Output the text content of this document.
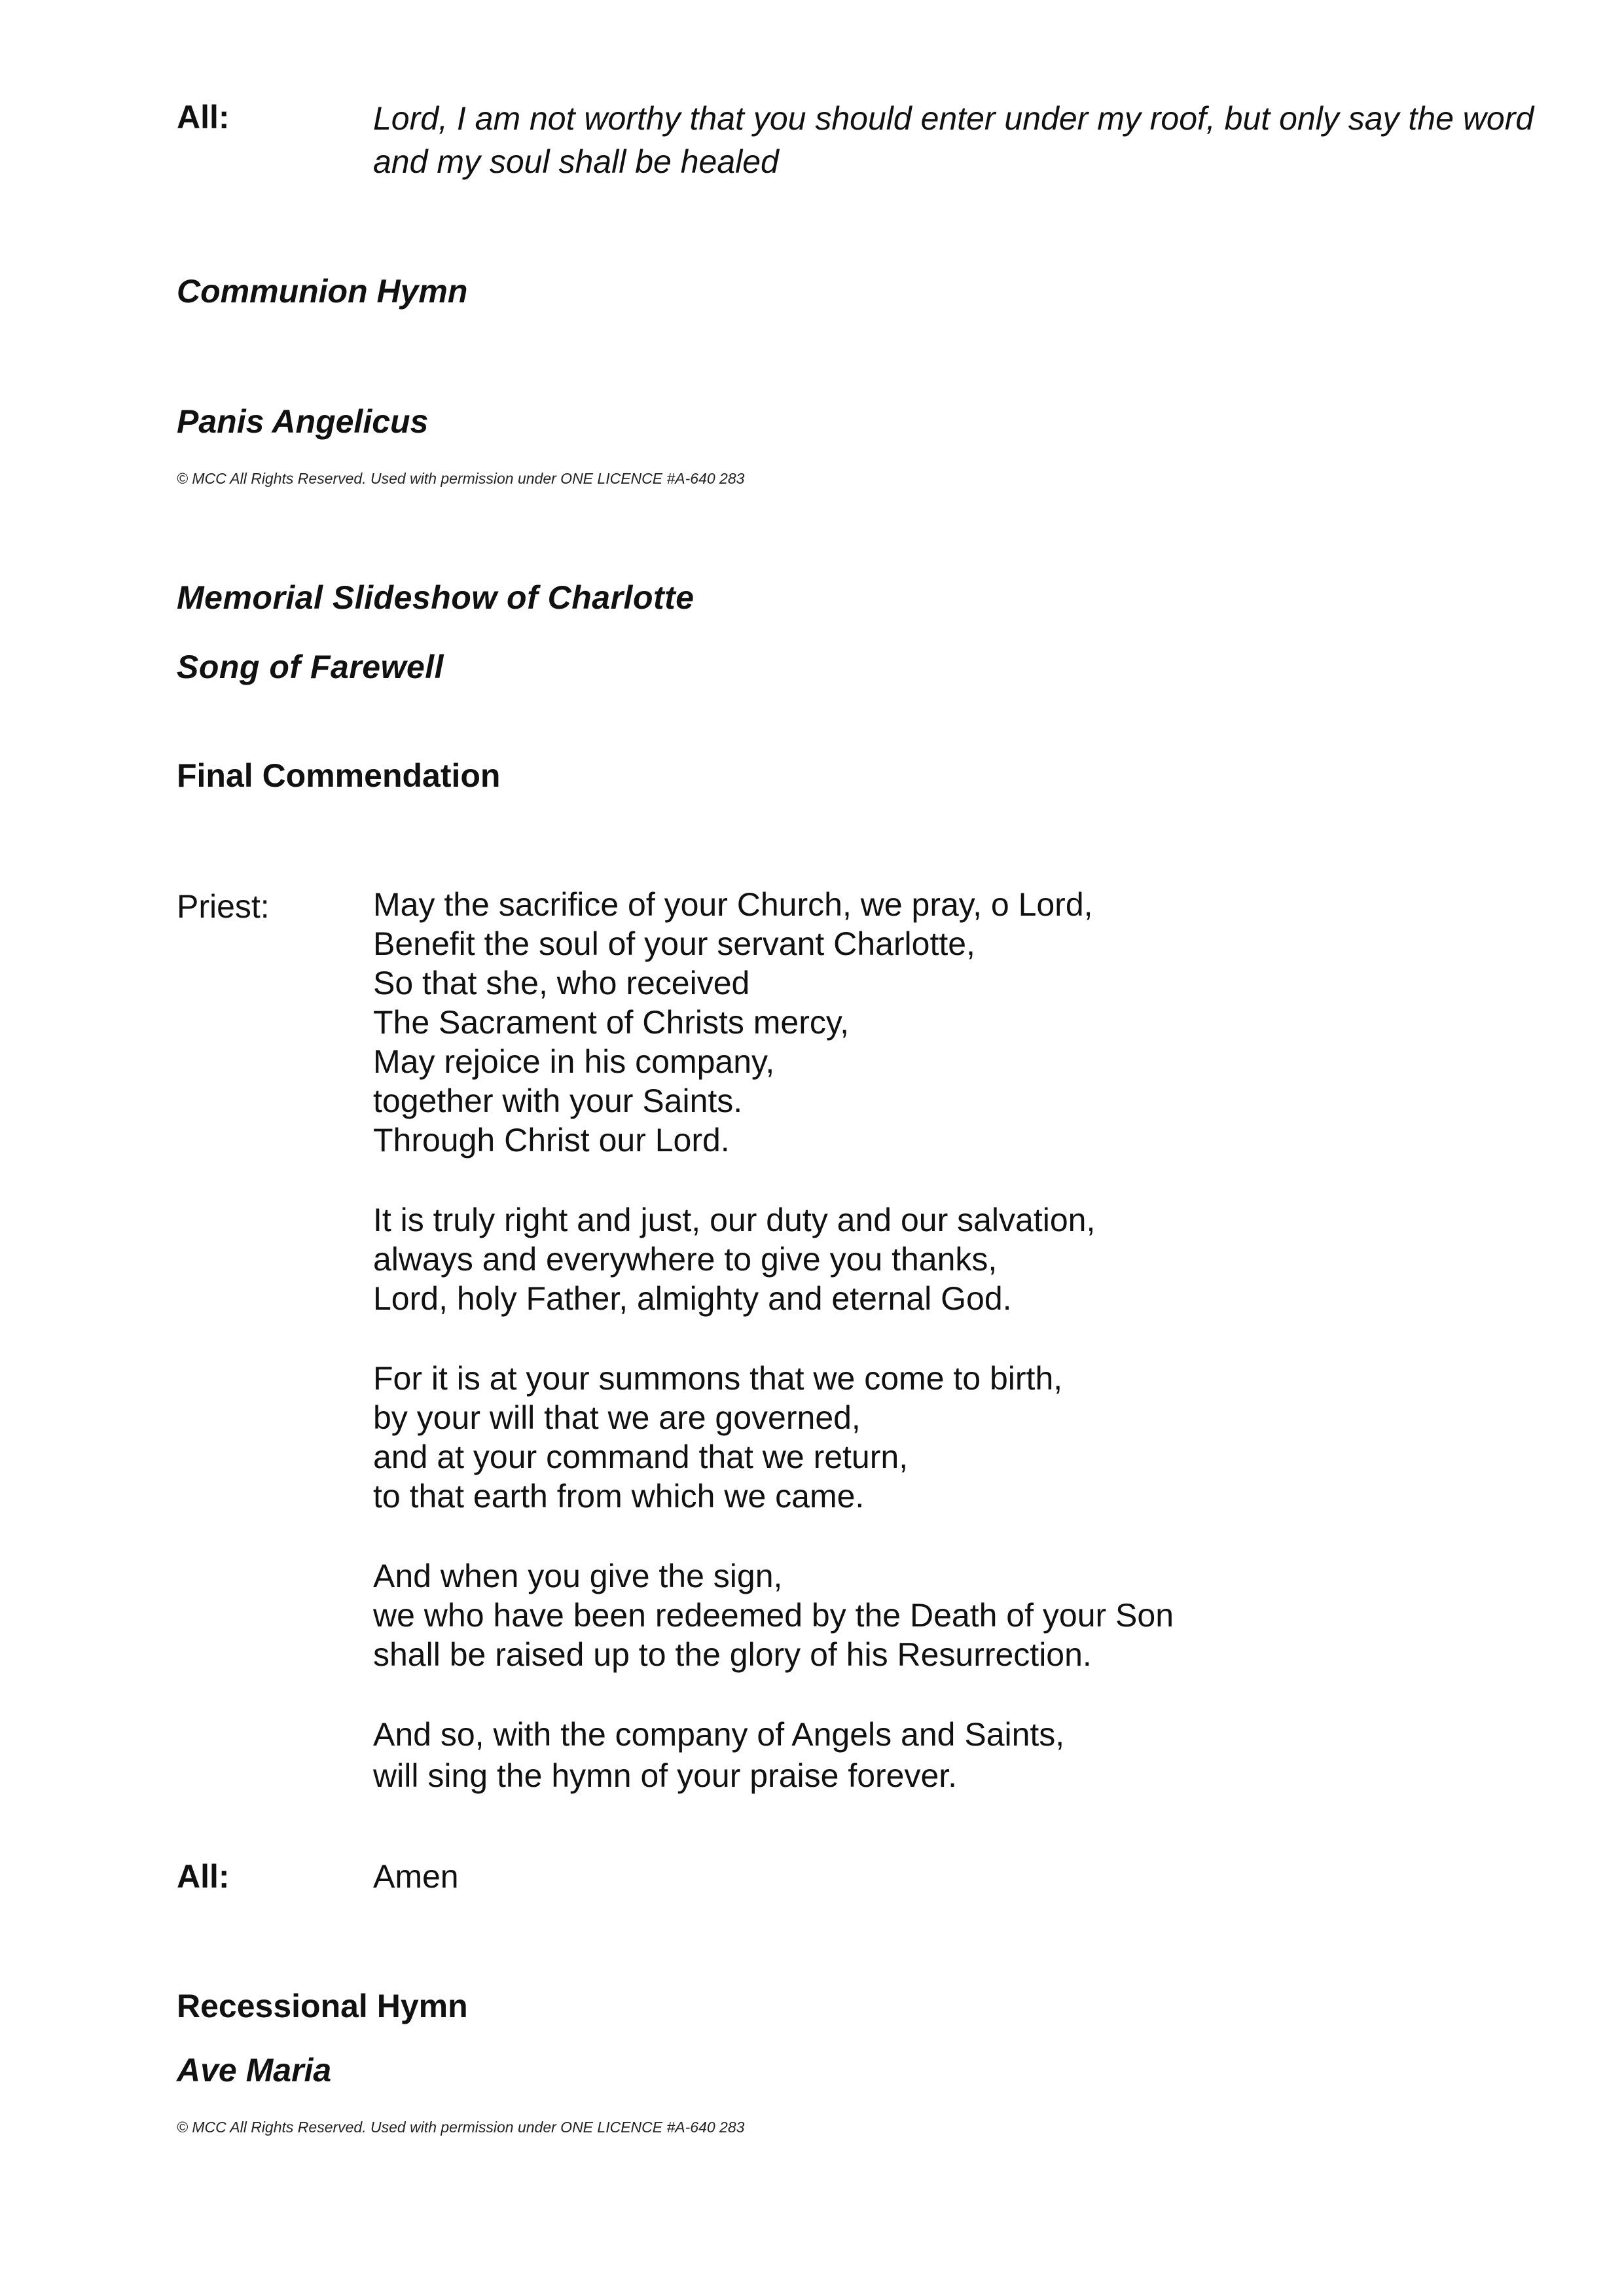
All:	Lord, I am not worthy that you should enter under my roof, but only say the word
and my soul shall be healed
Communion Hymn
Panis Angelicus
© MCC All Rights Reserved. Used with permission under ONE LICENCE #A-640 283
Memorial Slideshow of Charlotte
Song of Farewell
Final Commendation
Priest:	May the sacrifice of your Church, we pray, o Lord,
Benefit the soul of your servant Charlotte,
So that she, who received
The Sacrament of Christs mercy,
May rejoice in his company,
together with your Saints.
Through Christ our Lord.
It is truly right and just, our duty and our salvation,
always and everywhere to give you thanks,
Lord, holy Father, almighty and eternal God.
For it is at your summons that we come to birth,
by your will that we are governed,
and at your command that we return,
to that earth from which we came.
And when you give the sign,
we who have been redeemed by the Death of your Son
shall be raised up to the glory of his Resurrection.
And so, with the company of Angels and Saints,
will sing the hymn of your praise forever.
All:	Amen
Recessional Hymn
Ave Maria
© MCC All Rights Reserved. Used with permission under ONE LICENCE #A-640 283
